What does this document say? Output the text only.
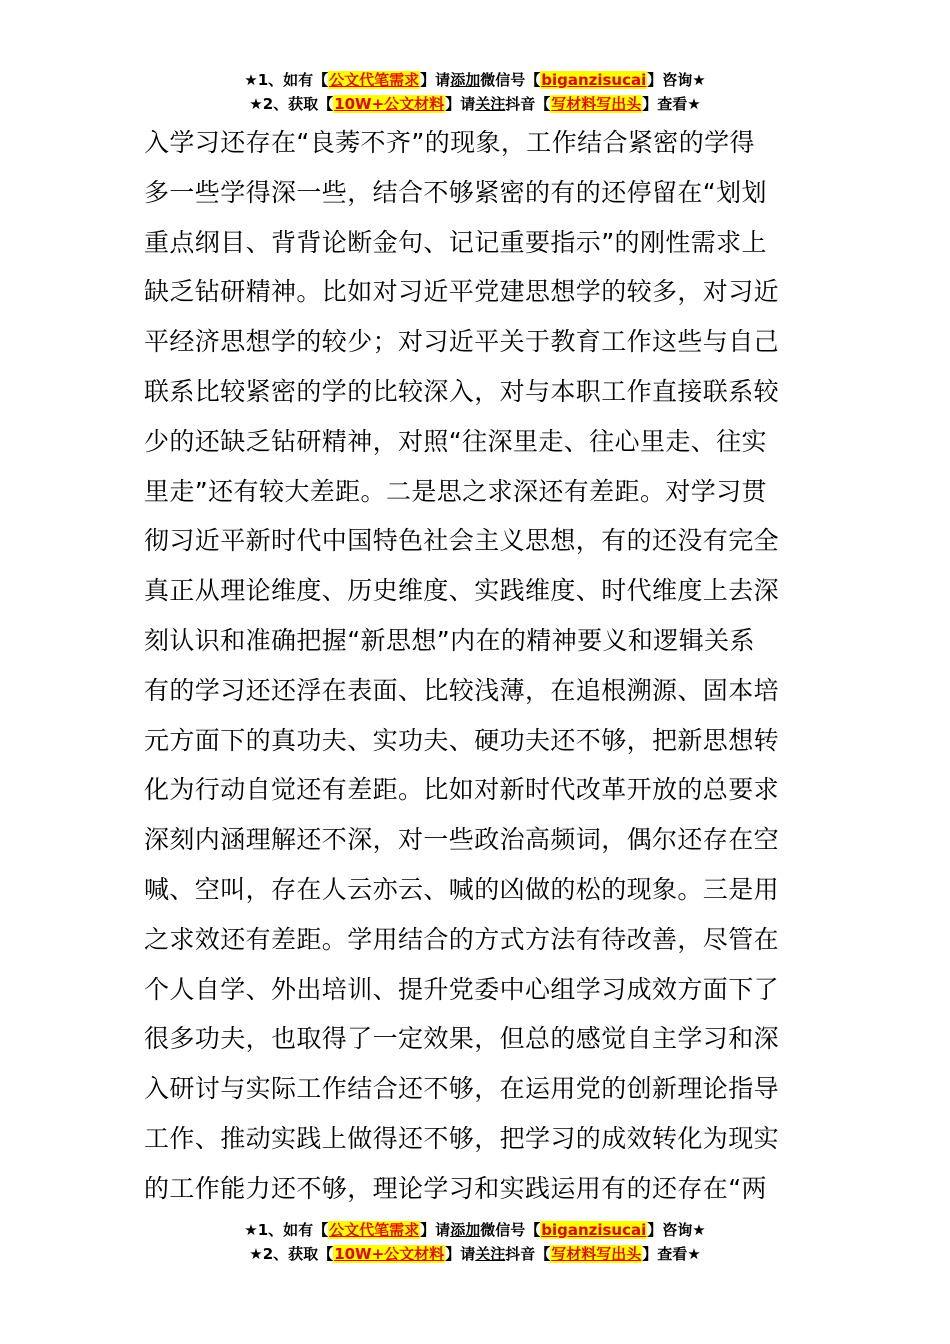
★1、如有【公文代笔需求】请添加微信号【biganzisucai】咨询★
★2、获取【10W+公文材料】请关注抖音【写材料写出头】查看★
入学习还存在“良莠不齐”的现象，工作结合紧密的学得
多一些学得深一些，结合不够紧密的有的还停留在“划划
重点纲目、背背论断金句、记记重要指示”的刚性需求上
缺乏钻研精神。比如对习近平党建思想学的较多，对习近
平经济思想学的较少；对习近平关于教育工作这些与自己
联系比较紧密的学的比较深入，对与本职工作直接联系较
少的还缺乏钻研精神，对照“往深里走、往心里走、往实
里走”还有较大差距。二是思之求深还有差距。对学习贯
彻习近平新时代中国特色社会主义思想，有的还没有完全
真正从理论维度、历史维度、实践维度、时代维度上去深
刻认识和准确把握“新思想”内在的精神要义和逻辑关系
有的学习还还浮在表面、比较浅薄，在追根溯源、固本培
元方面下的真功夫、实功夫、硬功夫还不够，把新思想转
化为行动自觉还有差距。比如对新时代改革开放的总要求
深刻内涵理解还不深，对一些政治高频词，偶尔还存在空
喊、空叫，存在人云亦云、喊的凶做的松的现象。三是用
之求效还有差距。学用结合的方式方法有待改善，尽管在
个人自学、外出培训、提升党委中心组学习成效方面下了
很多功夫，也取得了一定效果，但总的感觉自主学习和深
入研讨与实际工作结合还不够，在运用党的创新理论指导
工作、推动实践上做得还不够，把学习的成效转化为现实
的工作能力还不够，理论学习和实践运用有的还存在“两
★1、如有【公文代笔需求】请添加微信号【biganzisucai】咨询★
★2、获取【10W+公文材料】请关注抖音【写材料写出头】查看★
